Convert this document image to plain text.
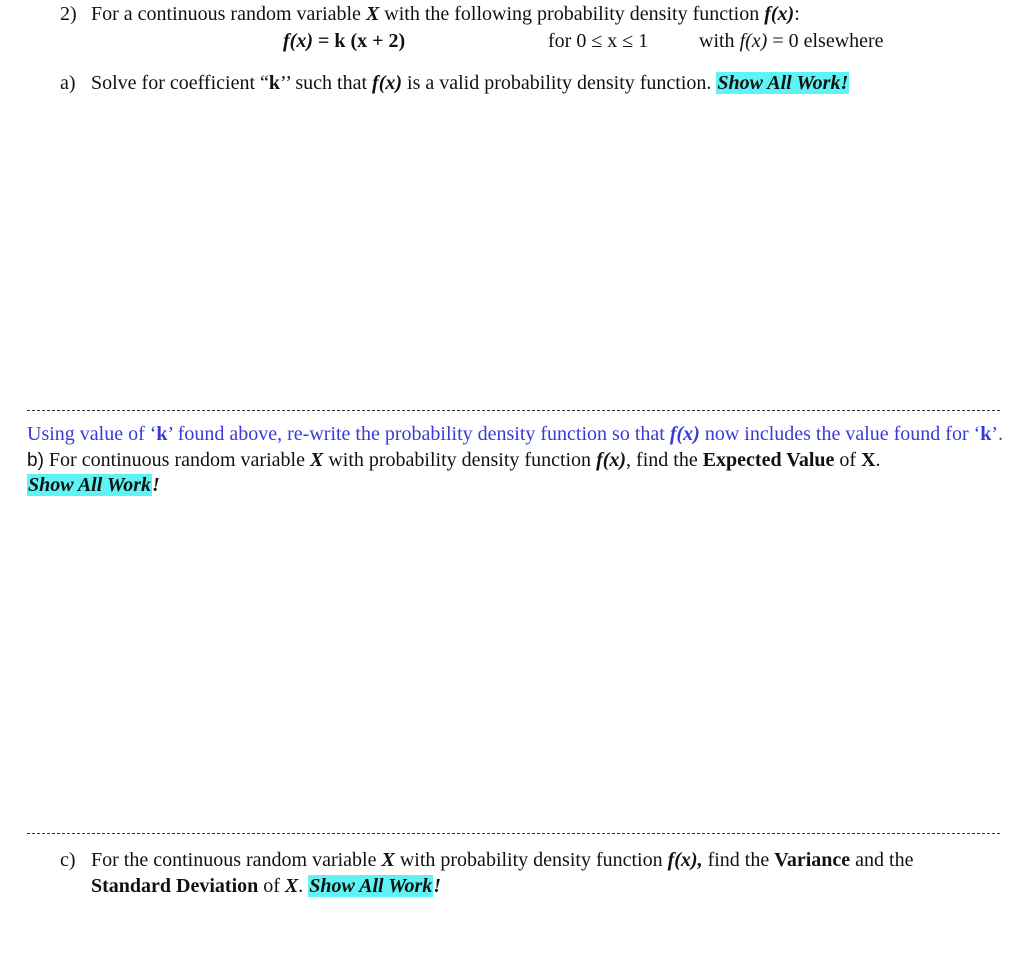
2) For a continuous random variable X with the following probability density function f(x):
f(x) = k (x + 2)	for 0 ≤ x ≤ 1	with f(x) = 0 elsewhere
a) Solve for coefficient “k’’ such that f(x) is a valid probability density function. Show All Work!
Using value of ‘k’ found above, re-write the probability density function so that f(x) now includes the value found for ‘k’.
b) For continuous random variable X with probability density function f(x), find the Expected Value of X.
Show All Work!
c) For the continuous random variable X with probability density function f(x), find the Variance and the
Standard Deviation of X. Show All Work!
